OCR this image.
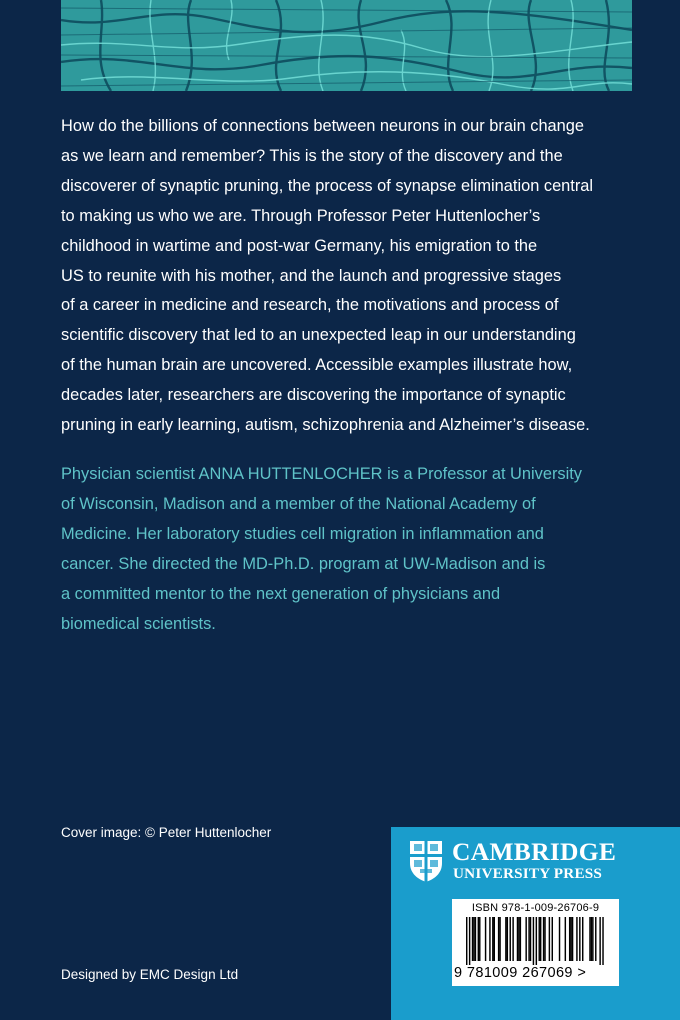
How do the billions of connections between neurons in our brain change
as we learn and remember? This is the story of the discovery and the
discoverer of synaptic pruning, the process of synapse elimination central
to making us who we are. Through Professor Peter Huttenlocher’s
childhood in wartime and post-war Germany, his emigration to the
US to reunite with his mother, and the launch and progressive stages
of a career in medicine and research, the motivations and process of
scientific discovery that led to an unexpected leap in our understanding
of the human brain are uncovered. Accessible examples illustrate how,
decades later, researchers are discovering the importance of synaptic
pruning in early learning, autism, schizophrenia and Alzheimer’s disease.

Physician scientist ANNA HUTTENLOCHER is a Professor at University
of Wisconsin, Madison and a member of the National Academy of
Medicine. Her laboratory studies cell migration in inflammation and
cancer. She directed the MD-Ph.D. program at UW-Madison and is
a committed mentor to the next generation of physicians and
biomedical scientists.

Cover image: © Peter Huttenlocher

Designed by EMC Design Ltd

CAMBRIDGE
UNIVERSITY PRESS

ISBN 978-1-009-26706-9

9 781009 267069 >
